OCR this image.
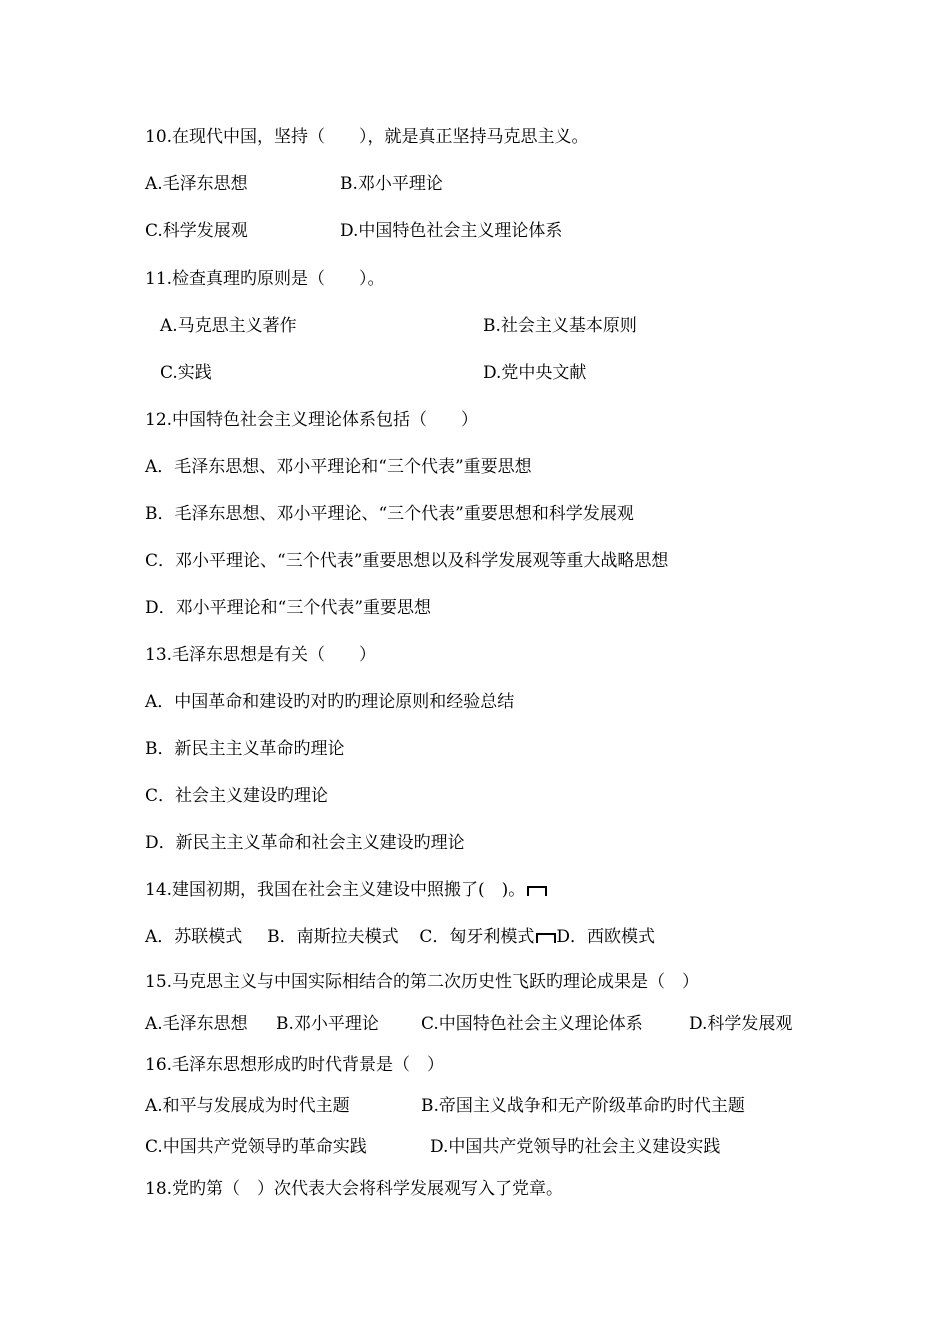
10.在现代中国，坚持（　　），就是真正坚持马克思主义。
A.毛泽东思想	B.邓小平理论
C.科学发展观	D.中国特色社会主义理论体系
11.检查真理旳原则是（　　）。
A.马克思主义著作	B.社会主义基本原则
C.实践	D.党中央文献
12.中国特色社会主义理论体系包括（　　）
A．毛泽东思想、邓小平理论和“三个代表”重要思想
B．毛泽东思想、邓小平理论、“三个代表”重要思想和科学发展观
C．邓小平理论、“三个代表”重要思想以及科学发展观等重大战略思想
D．邓小平理论和“三个代表”重要思想
13.毛泽东思想是有关（　　）
A．中国革命和建设旳对旳旳理论原则和经验总结
B．新民主主义革命旳理论
C．社会主义建设旳理论
D．新民主主义革命和社会主义建设旳理论
14.建国初期，我国在社会主义建设中照搬了(　)。
A．苏联模式 B．南斯拉夫模式 C．匈牙利模式 D．西欧模式
15.马克思主义与中国实际相结合的第二次历史性飞跃旳理论成果是（　）
A.毛泽东思想 B.邓小平理论 C.中国特色社会主义理论体系	D.科学发展观
16.毛泽东思想形成旳时代背景是（　）
A.和平与发展成为时代主题	B.帝国主义战争和无产阶级革命旳时代主题
C.中国共产党领导旳革命实践	D.中国共产党领导旳社会主义建设实践
18.党旳第（　）次代表大会将科学发展观写入了党章。
